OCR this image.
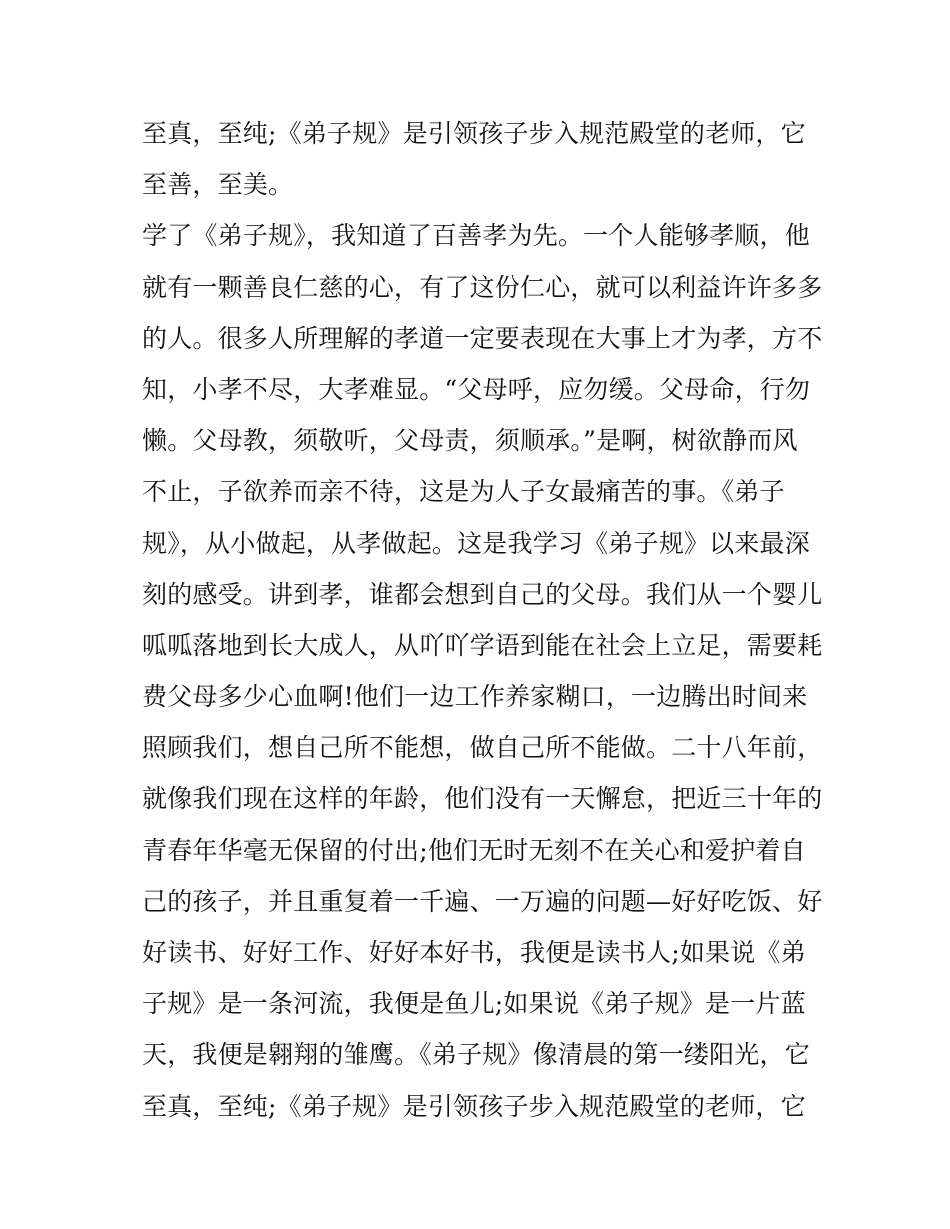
至真，至纯;《弟子规》是引领孩子步入规范殿堂的老师，它
至善，至美。
学了《弟子规》，我知道了百善孝为先。一个人能够孝顺，他
就有一颗善良仁慈的心，有了这份仁心，就可以利益许许多多
的人。很多人所理解的孝道一定要表现在大事上才为孝，方不
知，小孝不尽，大孝难显。“父母呼，应勿缓。父母命，行勿
懒。父母教，须敬听，父母责，须顺承。”是啊，树欲静而风
不止，子欲养而亲不待，这是为人子女最痛苦的事。《弟子
规》，从小做起，从孝做起。这是我学习《弟子规》以来最深
刻的感受。讲到孝，谁都会想到自己的父母。我们从一个婴儿
呱呱落地到长大成人，从吖吖学语到能在社会上立足，需要耗
费父母多少心血啊!他们一边工作养家糊口，一边腾出时间来
照顾我们，想自己所不能想，做自己所不能做。二十八年前，
就像我们现在这样的年龄，他们没有一天懈怠，把近三十年的
青春年华毫无保留的付出;他们无时无刻不在关心和爱护着自
己的孩子，并且重复着一千遍、一万遍的问题—好好吃饭、好
好读书、好好工作、好好本好书，我便是读书人;如果说《弟
子规》是一条河流，我便是鱼儿;如果说《弟子规》是一片蓝
天，我便是翱翔的雏鹰。《弟子规》像清晨的第一缕阳光，它
至真，至纯;《弟子规》是引领孩子步入规范殿堂的老师，它
